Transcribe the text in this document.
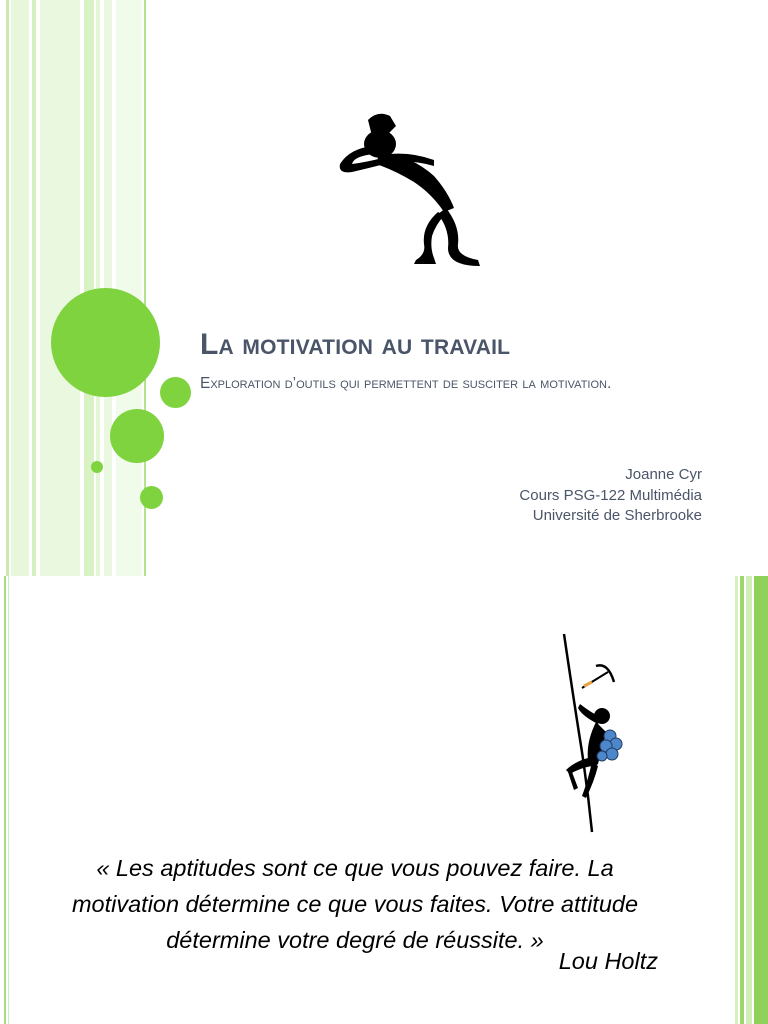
La motivation au travail
Exploration d’outils qui permettent de susciter la motivation.
Joanne Cyr
Cours PSG-122 Multimédia
Université de Sherbrooke
« Les aptitudes sont ce que vous pouvez faire. La motivation détermine ce que vous faites. Votre attitude détermine votre degré de réussite. »
Lou Holtz
